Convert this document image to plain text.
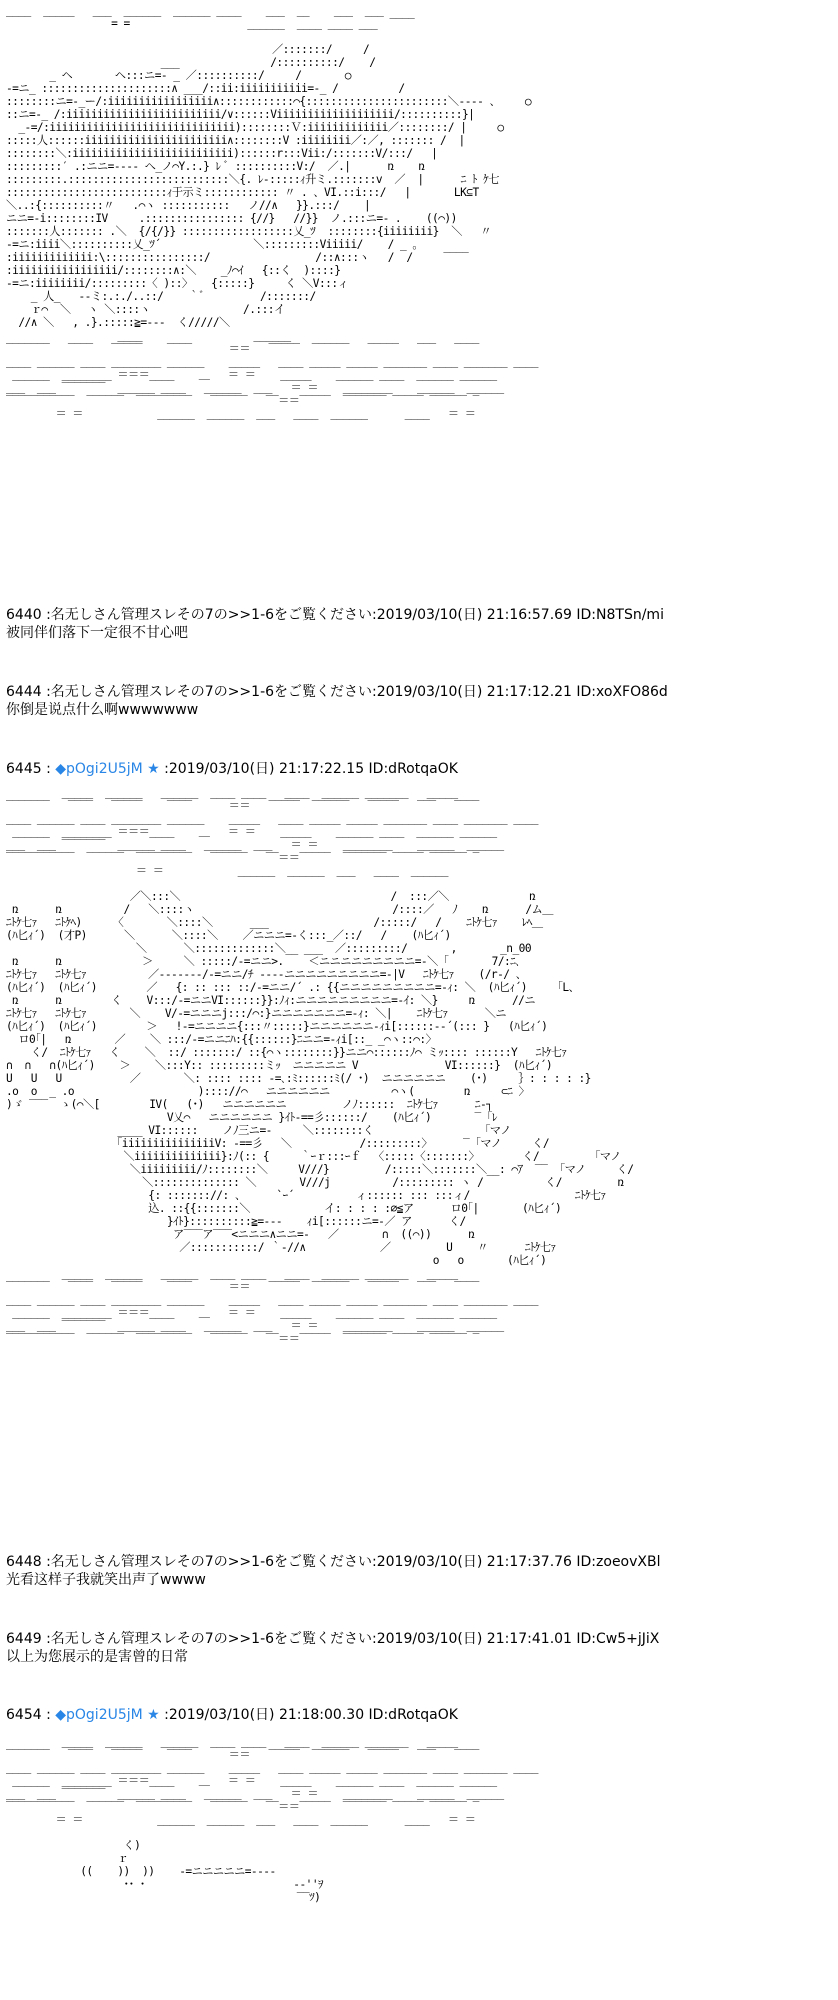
____  _____   ___  ______  ______ ____    ___  __    ___  ___
= =                   ______  ____ ____ ___  ‾‾‾‾

／:::::::/     /
___ 　            /::::::::::/    /
_ ヘ　　　　ヘ:::ニ=- _ ／::::::::::/     /       ○
-=ニ_ :::::::::::::::::::::∧ ___/::ii:iiiiiiiiiii=-_ / 　       /
::::::::ニ=-_ー/:iiiiiiiiiiiiiiiii∧::::::::::::⌒{:::::::::::::::::::::::＼---- 、    ○
::ニ=-_ /:iiiiiiiiiiiiiiiiiiiiiiiii/∨::::::Viiiiiiiiiiiiiiiiiii/::::::::::}|
_-=/:iiiiiiiiiiiiiiiiiiiiiiiiiiiiii)::::::::Ｖ:iiiiiiiiiiiii／::::::::/ |     ○
:::::人::::::iiiiiiiiiiiiiiiiiiiiiii∧::::::::V :iiiiiiii／:／, ::::::: /  |
::::::::＼:iiiiiiiiiiiiiiiiiiiiiiiiii)::::::r:::Vii:/:::::::V/:::/   |
:::::::::′ .:ニニ=---- へ_ノ⌒Y.:.} ﾚ ﾞ ::::::::::V:/  ／.|      ռ    ռ
:::::::::.::::::::::::::::::::::::::＼{. ﾚ-:::::ｨ升ミ.:::::::v  ／  |      ﾆ ﾄ ｹ七
::::::::::::::::::::::::::ｨ于示ミ:::::::::::: 〃 . 、VI.::i:::/   |       LK⊆T
＼..:{::::::::::〃   .⌒ヽ :::::::::::   ノ//∧   }}.:::/    |
ニニ=-i::::::::IV     .:::::::::::::::: {//}   //}}  ノ.:::ニ=- .    ((⌒))
:::::::人::::::: .＼  {/{/}} ::::::::::::::::::乂_ﾂ  ::::::::{iiiiiiii}  ＼   〃
-=ニ:iiii＼::::::::::乂_ﾂ´               ＼:::::::::Viiiii/    / _ ｡
:iiiiiiiiiiiii:\::::::::::::::::/                 /::∧:::ヽ   /  /     ‾‾‾‾
:iiiiiiiiiiiiiiiii/::::::::∧:＼    _ﾉ⌒ｲ   {::く  )::::}
-=ニ:iiiiiiii/:::::::::〈 )::〉   {:::::}     く ＼V:::ィ
_ 人_   --ミ:.:./..::/    ｀ﾞ         /:::::::/
ｒ⌒  ＼ 　ヽ ＼::::ヽ               /.:::イ
//∧ ＼   ‚ .}.:::::≧=---  く/////＼
____                  ______
‾‾‾‾‾‾‾   ‾‾‾‾   ‾‾‾‾‾    ‾‾‾‾      ＝＝   ‾‾‾‾‾  ‾‾‾‾‾‾   ‾‾‾‾‾   ‾‾‾   ‾‾‾‾
____ ______ ____ ________ ______    _____   ____ _____ _____ _______ ____ _______ ____
______  ________ ＝＝＝____    ＿   ＝ ＝    _____    ______ ____  ______ ______
___  ___ ‾‾‾‾‾‾‾  ______ ____   ______  ___   ＝ ＝    ________    ______  ______
‾‾‾‾‾‾‾‾‾‾‾  ‾‾‾‾‾‾  ‾‾‾‾‾‾‾‾‾   ‾‾‾‾‾‾   ‾‾＝＝‾‾‾‾‾  ‾‾‾‾‾‾‾ ‾‾‾‾‾ ‾‾‾‾‾‾ ‾
＝ ＝            ______  ______  ___   ____  ______      ____   ＝ ＝
6440 :名无しさん管理スレその7の>>1-6をご覧ください:2019/03/10(日) 21:16:57.69 ID:N8TSn/mi
被同伴们落下一定很不甘心吧
6444 :名无しさん管理スレその7の>>1-6をご覧ください:2019/03/10(日) 21:17:12.21 ID:xoXFO86d
你倒是说点什么啊wwwwwww
6445 : ◆pOgi2U5jM ★ :2019/03/10(日) 21:17:22.15 ID:dRotqaOK
_____  ______   ______  ____ ____   ____  ______ _______   _____
‾‾‾‾‾‾‾   ‾‾‾‾   ‾‾‾‾‾    ‾‾‾‾      ＝＝   ‾‾‾‾‾  ‾‾‾‾‾‾   ‾‾‾‾‾   ‾‾‾   ‾‾‾‾
____ ______ ____ ________ ______    _____   ____ _____ _____ _______ ____ _______ ____
______  ________ ＝＝＝____    ＿   ＝ ＝    _____    ______ ____  ______ ______
___  ___ ‾‾‾‾‾‾‾  ______ ____   ______  ___   ＝ ＝    ________    ______  ______
‾‾‾‾‾‾‾‾‾‾‾  ‾‾‾‾‾‾  ‾‾‾‾‾‾‾‾‾   ‾‾‾‾‾‾   ‾‾＝＝‾‾‾‾‾  ‾‾‾‾‾‾‾ ‾‾‾‾‾ ‾‾‾‾‾‾ ‾
＝ ＝            ______  ______  ___   ____  ______

／＼:::＼                                  /  :::／＼             ռ
ռ      ռ          /   ＼::::ヽ                                /::::／   ﾉ    ռ      /ム＿
ﾆﾄｹ七ｧ   ﾆﾄｹﾍ)     〈       ＼::::＼      ___                 /:::::/   /    ﾆﾄｹ七ｧ    ﾚﾍ＿
(ﾊ匕ｨ´)  (才P)      ＼      ＼::::＼    ／ニニニ=-く:::_／::/   /    (ﾊ匕ｨ´)
＼      ＼:::::::::::::＼__ ___  ／:::::::::/       ,       _n_00
ռ      ռ             ＞     ＼ :::::/-=ニニ>.    ＜ニニニニニニニニニ=-＼「       7/:ﾆ､
ﾆﾄｹ七ｧ   ﾆﾄｹ七ｧ          ／-------/-=ニニ/ﾁ ----ニニニニニニニニニ=-|V   ﾆﾄｹ七ｧ    (/r-/ 、
(ﾊ匕ｨ´)  (ﾊ匕ｨ´)        ／   {: :: ::: ::/-=ニニ/´ .: {{ニニニニニニニニニ=-ｨ: ＼  (ﾊ匕ｨ´)    「L、
ռ      ռ        く    V:::/-=ニニVI::::::}}:ﾉｨ:ニニニニニニニニニ=-ｲ: ＼}     ռ      //ニ
ﾆﾄｹ七ｧ   ﾆﾄｹ七ｧ       ＼    V/-=ニニニj:::/⌒:}ニニニニニニニ=-ｨ: ＼|    ﾆﾄｹ七ｧ      ＼ニ
(ﾊ匕ｨ´)  (ﾊ匕ｨ´)        ＞   !-=ニニニニ{:::〃:::::}ニニニニニニ-ｨi[::::::-‐´(::: }   (ﾊ匕ｨ´)
ロ0｢|   ռ       ／    ＼ :::/-=ニニﾆﾊ:{{::::::}ﾆニニ=-ｨi[::_ _⌒ヽ::⌒:〉
く/  ﾆﾄｹ七ｧ   く    ＼  ::/ :::::::/ ::{⌒ヽ::::::::}}ニニ⌒::::::ﾉ⌒ ミｯ:::: ::::::Y   ﾆﾄｹ七ｧ
∩  ∩   ∩(ﾊ匕ｨ´)    ＞    ＼:::Y:: :::::::::ミｯ  ニニニニニ V              VI::::::}  (ﾊ匕ｨ´)
U   U   U           ／       ＼: :::: :::: -=､:ﾐ::::::ﾐ(/ ･)  ニニニニニニ    (･)     ｝: : : : :}
.o  o  _ .o                    ):::://⌒   ニニニニニニ          ⌒ヽ(        ռ     ⊂ﾆ 〉
)ゞ ‾‾‾  ゝ(⌒＼[        IV(   (･)   ニニニニニニ         ノﾉ::::::  ﾆﾄｹ七ｧ      ﾆ‐┐
V乂⌒   ニニニニニニ }ｲﾄ-==彡::::::/    (ﾊ匕ｨ´)       ‾ ｢ﾚ
____ VI::::::    ノﾉ三ニ=-     ＼::::::::く                  ｢マノ
「iiiiiiiiiiiiiiiV: -==彡   ＼           /:::::::::〉     ‾ ｢マノ     く/
＼iiiiiiiiiiiiii}:ﾉ(:: {     ｀ｰｒ:::ｰｆ  〈:::::〈:::::::〉       く/         ｢マノ
＼iiiiiiiii/ﾉ::::::::＼     V///}         /:::::＼:::::::＼__: ⌒ｱ  ‾‾  ｢マノ     く/
＼:::::::::::::: ＼       V///j          /::::::::: ヽ /          く/         ռ
{: ::::::://: 、     `ｰ´          ィ:::::: ::: :::ィ/                 ﾆﾄｹ七ｧ
込. ::{{:::::::＼            イ: : : : :∅≦ア      ロ0｢|       (ﾊ匕ｨ´)
}ｲﾄ}::::::::::≧=---    ｨi[::::::ニ=-／ ア      く/
ア‾‾‾ア‾‾‾<ニニニ∧ニニ=-   ／       ∩  ((⌒))      ռ
／:::::::::::/ ｀-//∧            ／         U    〃      ﾆﾄｹ七ｧ
o   o       (ﾊ匕ｨ´)
_____  ______   ______  ____ ____   ____  ______ _______   _____
‾‾‾‾‾‾‾   ‾‾‾‾   ‾‾‾‾‾    ‾‾‾‾      ＝＝   ‾‾‾‾‾  ‾‾‾‾‾‾   ‾‾‾‾‾   ‾‾‾   ‾‾‾‾
____ ______ ____ ________ ______    _____   ____ _____ _____ _______ ____ _______ ____
______  ________ ＝＝＝____    ＿   ＝ ＝    _____    ______ ____  ______ ______
___  ___ ‾‾‾‾‾‾‾  ______ ____   ______  ___   ＝ ＝    ________    ______  ______
‾‾‾‾‾‾‾‾‾‾‾  ‾‾‾‾‾‾  ‾‾‾‾‾‾‾‾‾   ‾‾‾‾‾‾   ‾‾＝＝‾‾‾‾‾  ‾‾‾‾‾‾‾ ‾‾‾‾‾ ‾‾‾‾‾‾ ‾
6448 :名无しさん管理スレその7の>>1-6をご覧ください:2019/03/10(日) 21:17:37.76 ID:zoeovXBl
光看这样子我就笑出声了wwww
6449 :名无しさん管理スレその7の>>1-6をご覧ください:2019/03/10(日) 21:17:41.01 ID:Cw5+jJiX
以上为您展示的是害曾的日常
6454 : ◆pOgi2U5jM ★ :2019/03/10(日) 21:18:00.30 ID:dRotqaOK
_____  ______   ______  ____ ____   ____  ______ _______   _____
‾‾‾‾‾‾‾   ‾‾‾‾   ‾‾‾‾‾    ‾‾‾‾      ＝＝   ‾‾‾‾‾  ‾‾‾‾‾‾   ‾‾‾‾‾   ‾‾‾   ‾‾‾‾
____ ______ ____ ________ ______    _____   ____ _____ _____ _______ ____ _______ ____
______  ________ ＝＝＝____    ＿   ＝ ＝    _____    ______ ____  ______ ______
___  ___ ‾‾‾‾‾‾‾  ______ ____   ______  ___   ＝ ＝    ________    ______  ______
‾‾‾‾‾‾‾‾‾‾‾  ‾‾‾‾‾‾  ‾‾‾‾‾‾‾‾‾   ‾‾‾‾‾‾   ‾‾＝＝‾‾‾‾‾  ‾‾‾‾‾‾‾ ‾‾‾‾‾ ‾‾‾‾‾‾ ‾
＝ ＝            ______  ______  ___   ____  ______      ____   ＝ ＝

く)
ｒ
((    ))  ))    -=ニニニニニ=-‐--
･･ ･                        ‐‐''ｦ
‾‾ﾂ)
